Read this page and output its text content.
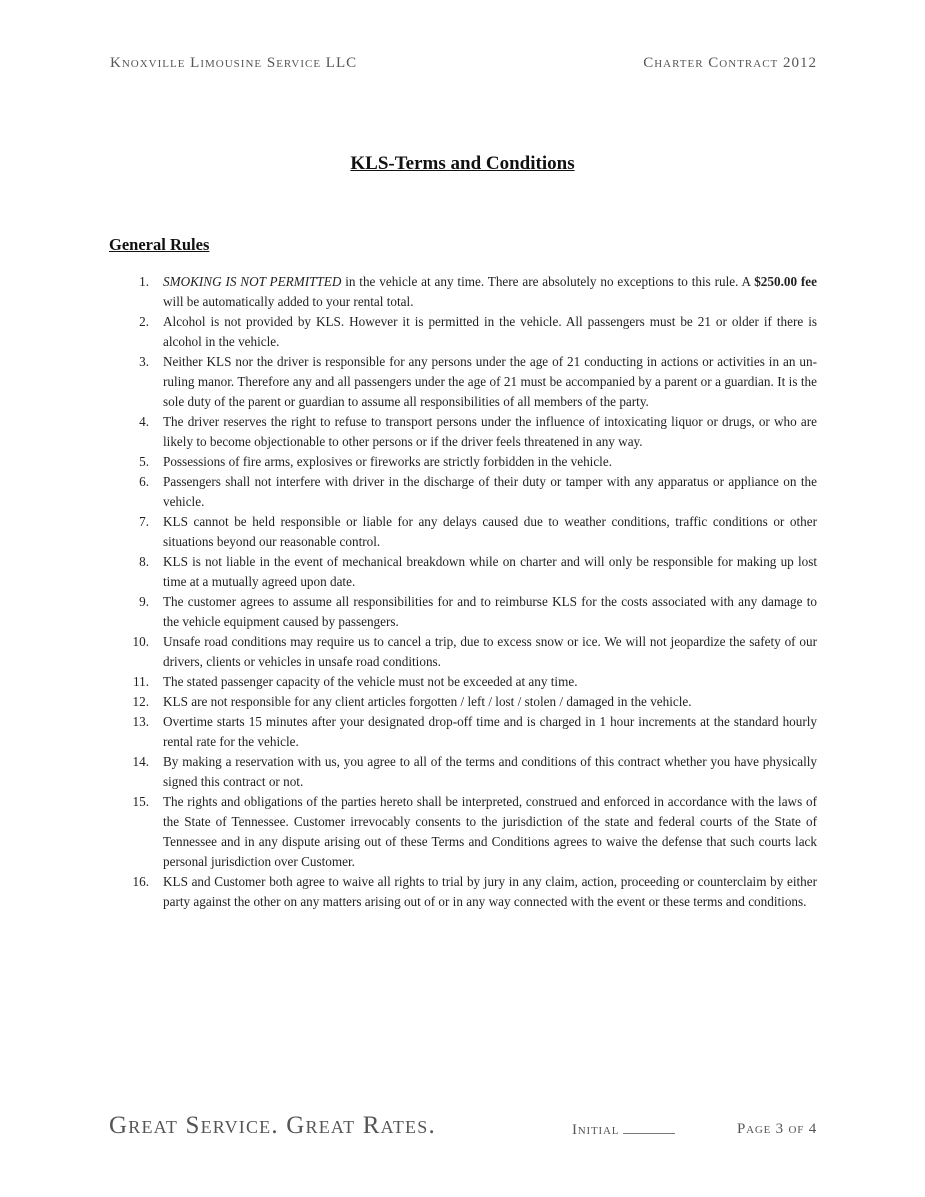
Knoxville Limousine Service LLC	Charter Contract 2012
KLS-Terms and Conditions
General Rules
1. SMOKING IS NOT PERMITTED in the vehicle at any time. There are absolutely no exceptions to this rule. A $250.00 fee will be automatically added to your rental total.
2. Alcohol is not provided by KLS. However it is permitted in the vehicle. All passengers must be 21 or older if there is alcohol in the vehicle.
3. Neither KLS nor the driver is responsible for any persons under the age of 21 conducting in actions or activities in an un-ruling manor. Therefore any and all passengers under the age of 21 must be accompanied by a parent or a guardian. It is the sole duty of the parent or guardian to assume all responsibilities of all members of the party.
4. The driver reserves the right to refuse to transport persons under the influence of intoxicating liquor or drugs, or who are likely to become objectionable to other persons or if the driver feels threatened in any way.
5. Possessions of fire arms, explosives or fireworks are strictly forbidden in the vehicle.
6. Passengers shall not interfere with driver in the discharge of their duty or tamper with any apparatus or appliance on the vehicle.
7. KLS cannot be held responsible or liable for any delays caused due to weather conditions, traffic conditions or other situations beyond our reasonable control.
8. KLS is not liable in the event of mechanical breakdown while on charter and will only be responsible for making up lost time at a mutually agreed upon date.
9. The customer agrees to assume all responsibilities for and to reimburse KLS for the costs associated with any damage to the vehicle equipment caused by passengers.
10. Unsafe road conditions may require us to cancel a trip, due to excess snow or ice. We will not jeopardize the safety of our drivers, clients or vehicles in unsafe road conditions.
11. The stated passenger capacity of the vehicle must not be exceeded at any time.
12. KLS are not responsible for any client articles forgotten / left / lost / stolen / damaged in the vehicle.
13. Overtime starts 15 minutes after your designated drop-off time and is charged in 1 hour increments at the standard hourly rental rate for the vehicle.
14. By making a reservation with us, you agree to all of the terms and conditions of this contract whether you have physically signed this contract or not.
15. The rights and obligations of the parties hereto shall be interpreted, construed and enforced in accordance with the laws of the State of Tennessee. Customer irrevocably consents to the jurisdiction of the state and federal courts of the State of Tennessee and in any dispute arising out of these Terms and Conditions agrees to waive the defense that such courts lack personal jurisdiction over Customer.
16. KLS and Customer both agree to waive all rights to trial by jury in any claim, action, proceeding or counterclaim by either party against the other on any matters arising out of or in any way connected with the event or these terms and conditions.
Great Service. Great Rates.	Initial	Page 3 of 4
